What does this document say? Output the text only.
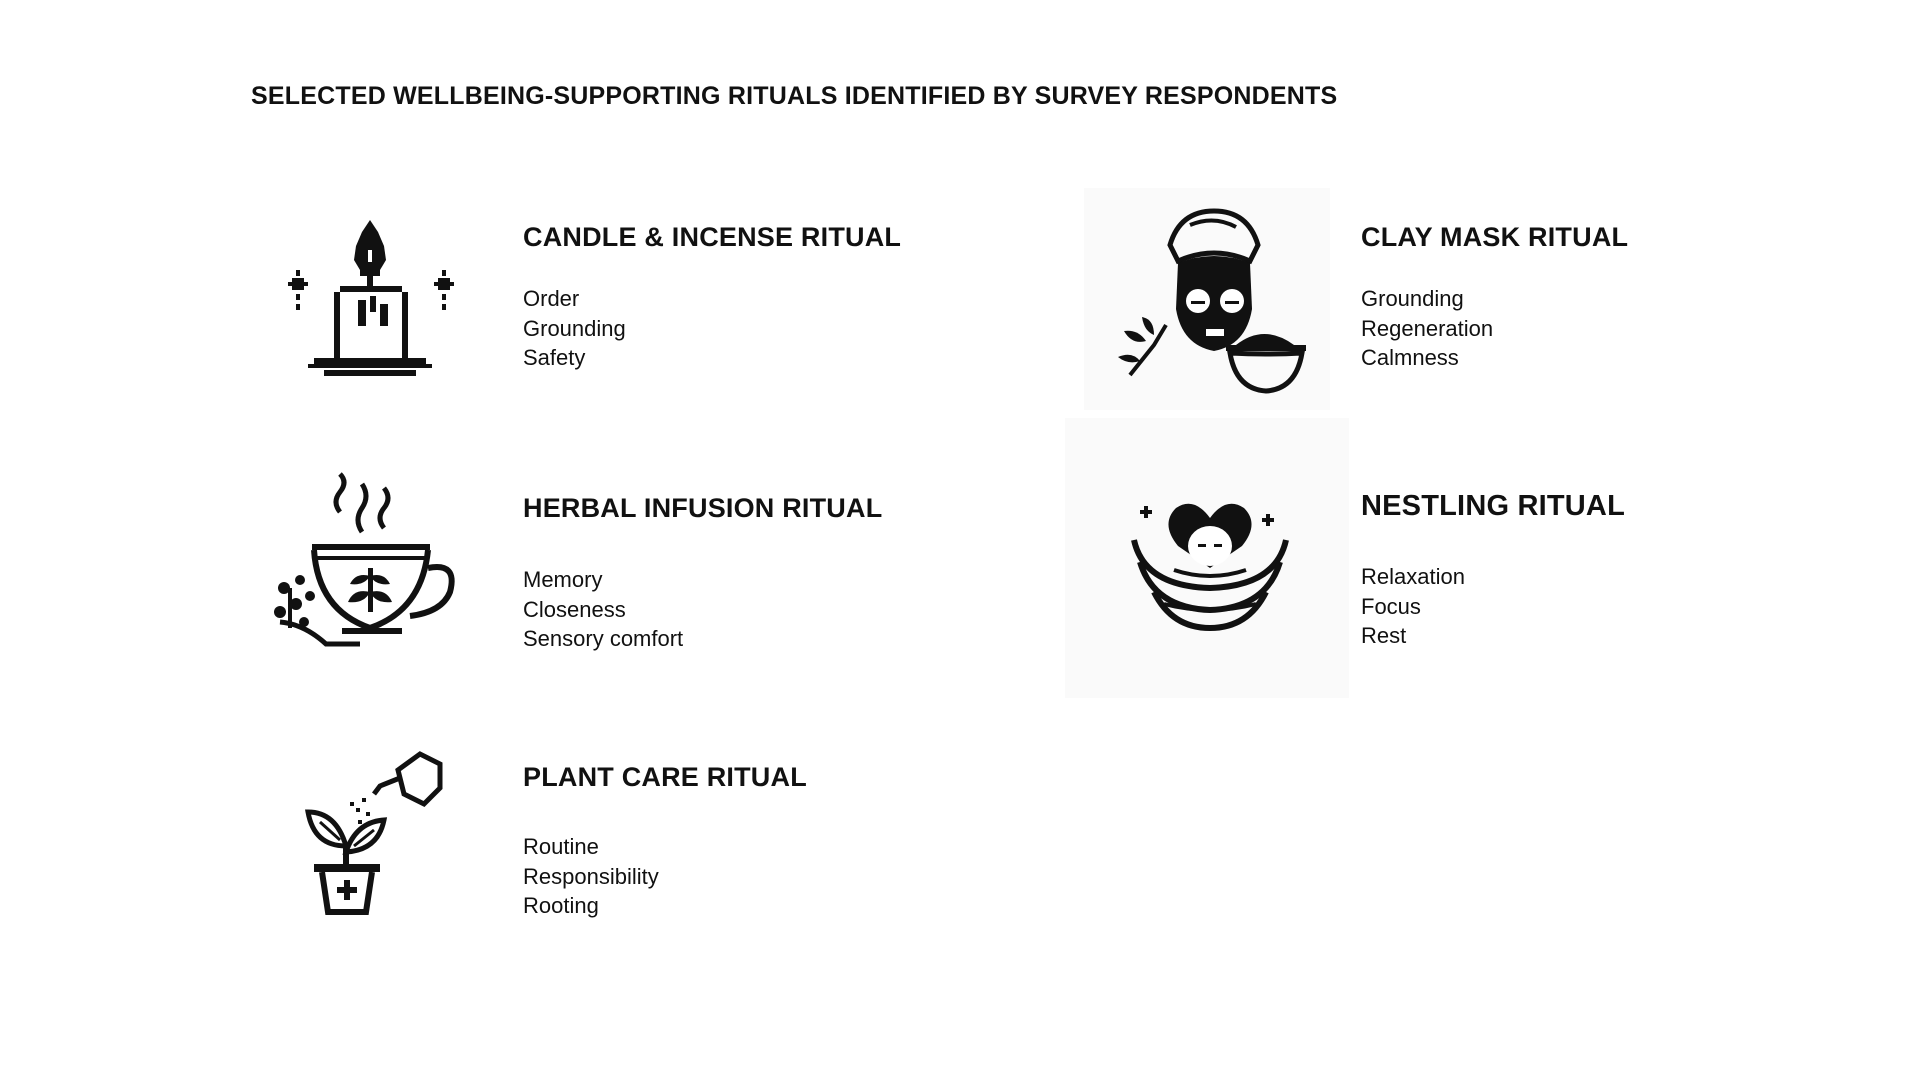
SELECTED WELLBEING-SUPPORTING RITUALS IDENTIFIED BY SURVEY RESPONDENTS
CANDLE & INCENSE RITUAL
Order
Grounding
Safety
CLAY MASK RITUAL
Grounding
Regeneration
Calmness
HERBAL INFUSION RITUAL
Memory
Closeness
Sensory comfort
NESTLING RITUAL
Relaxation
Focus
Rest
PLANT CARE RITUAL
Routine
Responsibility
Rooting
